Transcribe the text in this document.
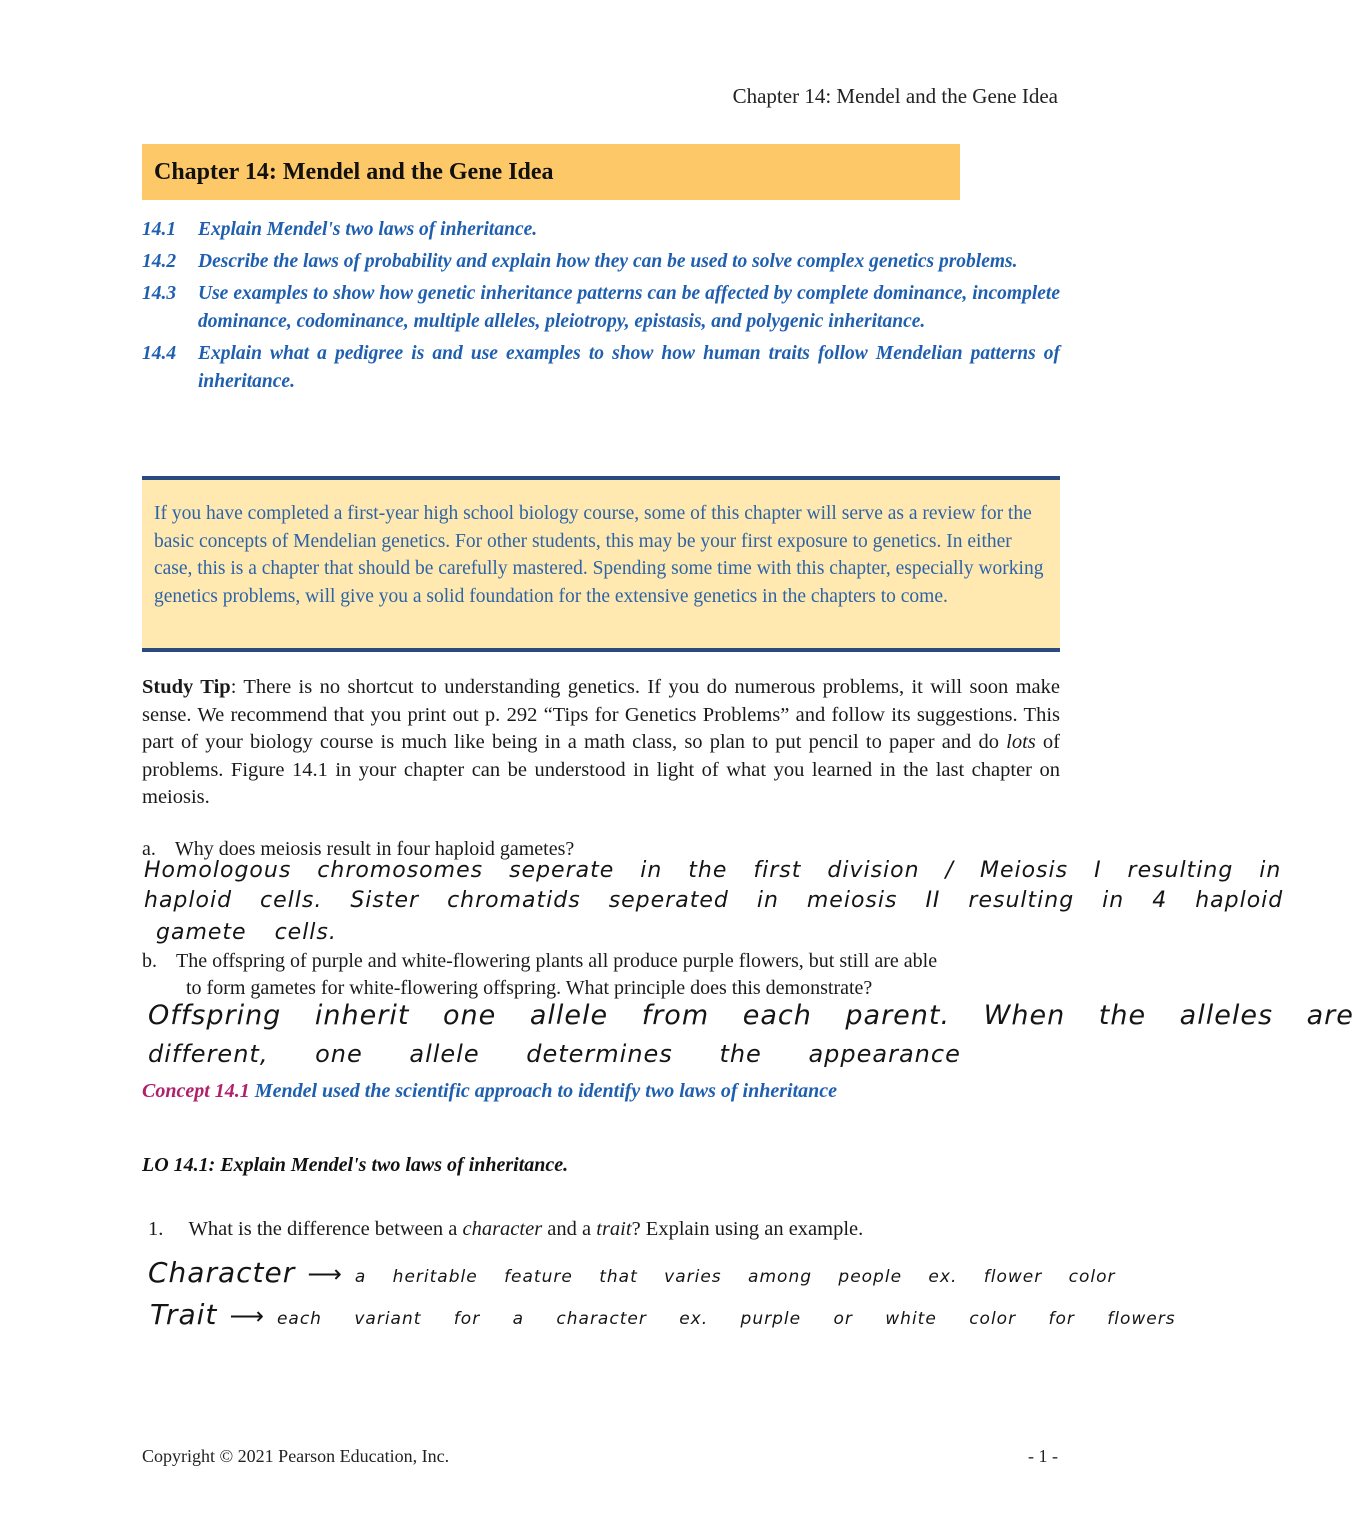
Chapter 14: Mendel and the Gene Idea
Chapter 14: Mendel and the Gene Idea
14.1	Explain Mendel's two laws of inheritance.
14.2	Describe the laws of probability and explain how they can be used to solve complex genetics problems.
14.3	Use examples to show how genetic inheritance patterns can be affected by complete dominance, incomplete dominance, codominance, multiple alleles, pleiotropy, epistasis, and polygenic inheritance.
14.4	Explain what a pedigree is and use examples to show how human traits follow Mendelian patterns of inheritance.

If you have completed a first-year high school biology course, some of this chapter will serve as a review for the basic concepts of Mendelian genetics. For other students, this may be your first exposure to genetics. In either case, this is a chapter that should be carefully mastered. Spending some time with this chapter, especially working genetics problems, will give you a solid foundation for the extensive genetics in the chapters to come.

Study Tip: There is no shortcut to understanding genetics. If you do numerous problems, it will soon make sense. We recommend that you print out p. 292 “Tips for Genetics Problems” and follow its suggestions. This part of your biology course is much like being in a math class, so plan to put pencil to paper and do lots of problems. Figure 14.1 in your chapter can be understood in light of what you learned in the last chapter on meiosis.
a. Why does meiosis result in four haploid gametes?
Homologous chromosomes seperate in the first division / Meiosis I resulting in
haploid cells. Sister chromatids seperated in meiosis II resulting in 4 haploid
gamete cells.
b. The offspring of purple and white-flowering plants all produce purple flowers, but still are able
to form gametes for white-flowering offspring. What principle does this demonstrate?
Offspring inherit one allele from each parent. When the alleles are
different, one allele determines the appearance
Concept 14.1 Mendel used the scientific approach to identify two laws of inheritance
LO 14.1: Explain Mendel's two laws of inheritance.
1. What is the difference between a character and a trait? Explain using an example.
Character ⟶ a heritable feature that varies among people ex. flower color
Trait ⟶ each variant for a character ex. purple or white color for flowers
Copyright © 2021 Pearson Education, Inc.	- 1 -
